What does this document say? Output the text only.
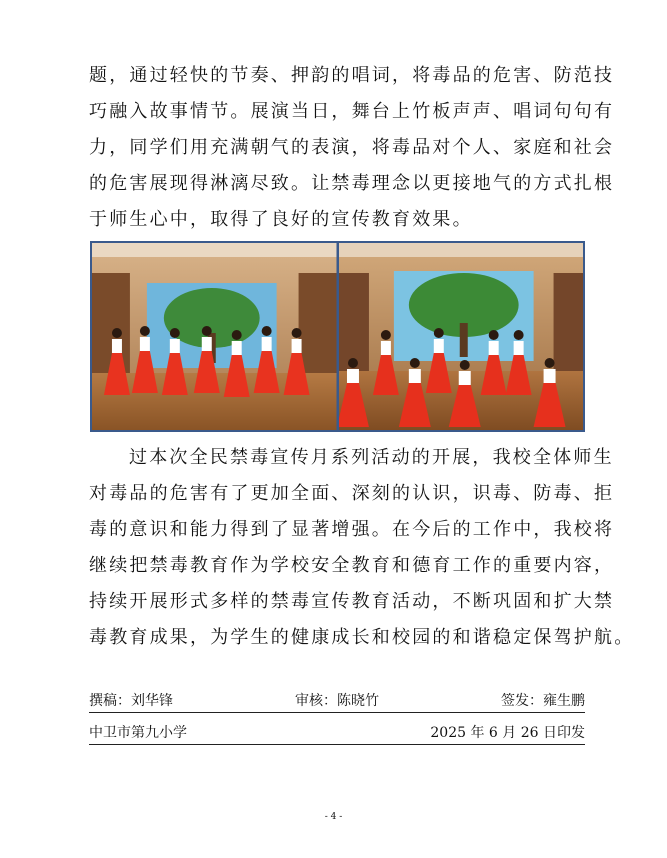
题，通过轻快的节奏、押韵的唱词，将毒品的危害、防范技
巧融入故事情节。展演当日，舞台上竹板声声、唱词句句有
力，同学们用充满朝气的表演，将毒品对个人、家庭和社会
的危害展现得淋漓尽致。让禁毒理念以更接地气的方式扎根
于师生心中，取得了良好的宣传教育效果。
过本次全民禁毒宣传月系列活动的开展，我校全体师生
对毒品的危害有了更加全面、深刻的认识，识毒、防毒、拒
毒的意识和能力得到了显著增强。在今后的工作中，我校将
继续把禁毒教育作为学校安全教育和德育工作的重要内容，
持续开展形式多样的禁毒宣传教育活动，不断巩固和扩大禁
毒教育成果，为学生的健康成长和校园的和谐稳定保驾护航。
撰稿：刘华锋	审核：陈晓竹	签发：雍生鹏
中卫市第九小学	2025 年 6 月 26 日印发
- 4 -
